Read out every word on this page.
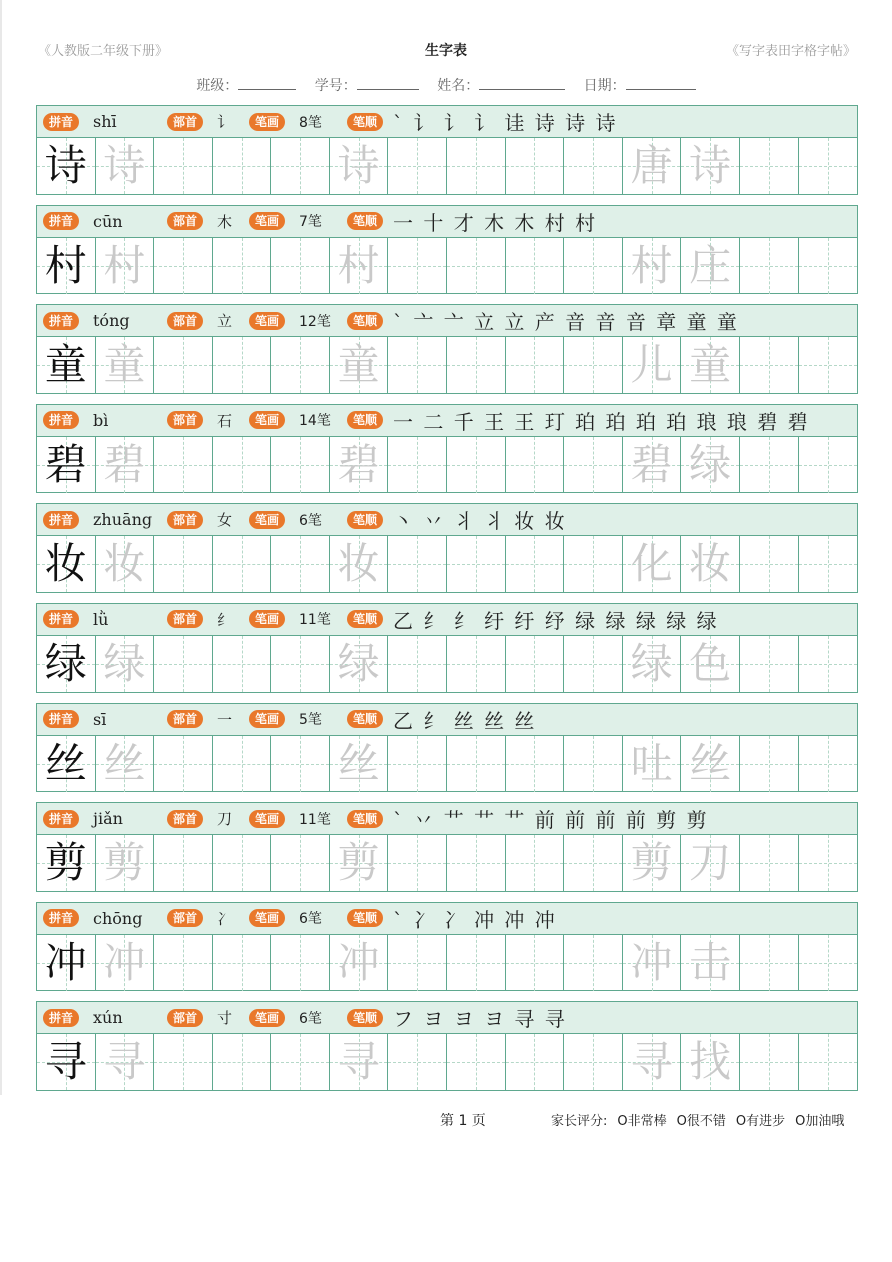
《人教版二年级下册》	生字表	《写字表田字格字帖》
班级：	学号：	姓名：	日期：
拼音	shī	部首	讠	笔画	8笔	笔顺 ` 讠 讠 讠 诖 诗 诗 诗
诗 诗	诗	唐 诗
拼音	cūn	部首	木	笔画	7笔	笔顺 一 十 才 木 木 村 村
村 村	村	村 庄
拼音	tóng	部首	立	笔画	12笔	笔顺 ` 亠 亠 立 立 产 音 音 音 章 童 童
童 童	童	儿 童
拼音	bì	部首	石	笔画	14笔	笔顺 一 二 千 王 王 玎 珀 珀 珀 珀 琅 琅 碧 碧
碧 碧	碧	碧 绿
拼音	zhuāng	部首	女	笔画	6笔	笔顺 丶 丷 丬 丬 妆 妆
妆 妆	妆	化 妆
拼音	lǜ	部首	纟	笔画	11笔	笔顺 乙 纟 纟 纡 纡 纾 绿 绿 绿 绿 绿
绿 绿	绿	绿 色
拼音	sī	部首	一	笔画	5笔	笔顺 乙 纟 丝 丝 丝
丝 丝	丝	吐 丝
拼音	jiǎn	部首	刀	笔画	11笔	笔顺 ` 丷 艹 艹 艹 前 前 前 前 剪 剪
剪 剪	剪	剪 刀
拼音	chōng	部首	冫	笔画	6笔	笔顺 ` 冫 冫 冲 冲 冲
冲 冲	冲	冲 击
拼音	xún	部首	寸	笔画	6笔	笔顺 フ ヨ ヨ ヨ 寻 寻
寻 寻	寻	寻 找
第 1 页	家长评分:	O 非常棒	O 很不错	O 有进步	O 加油哦
